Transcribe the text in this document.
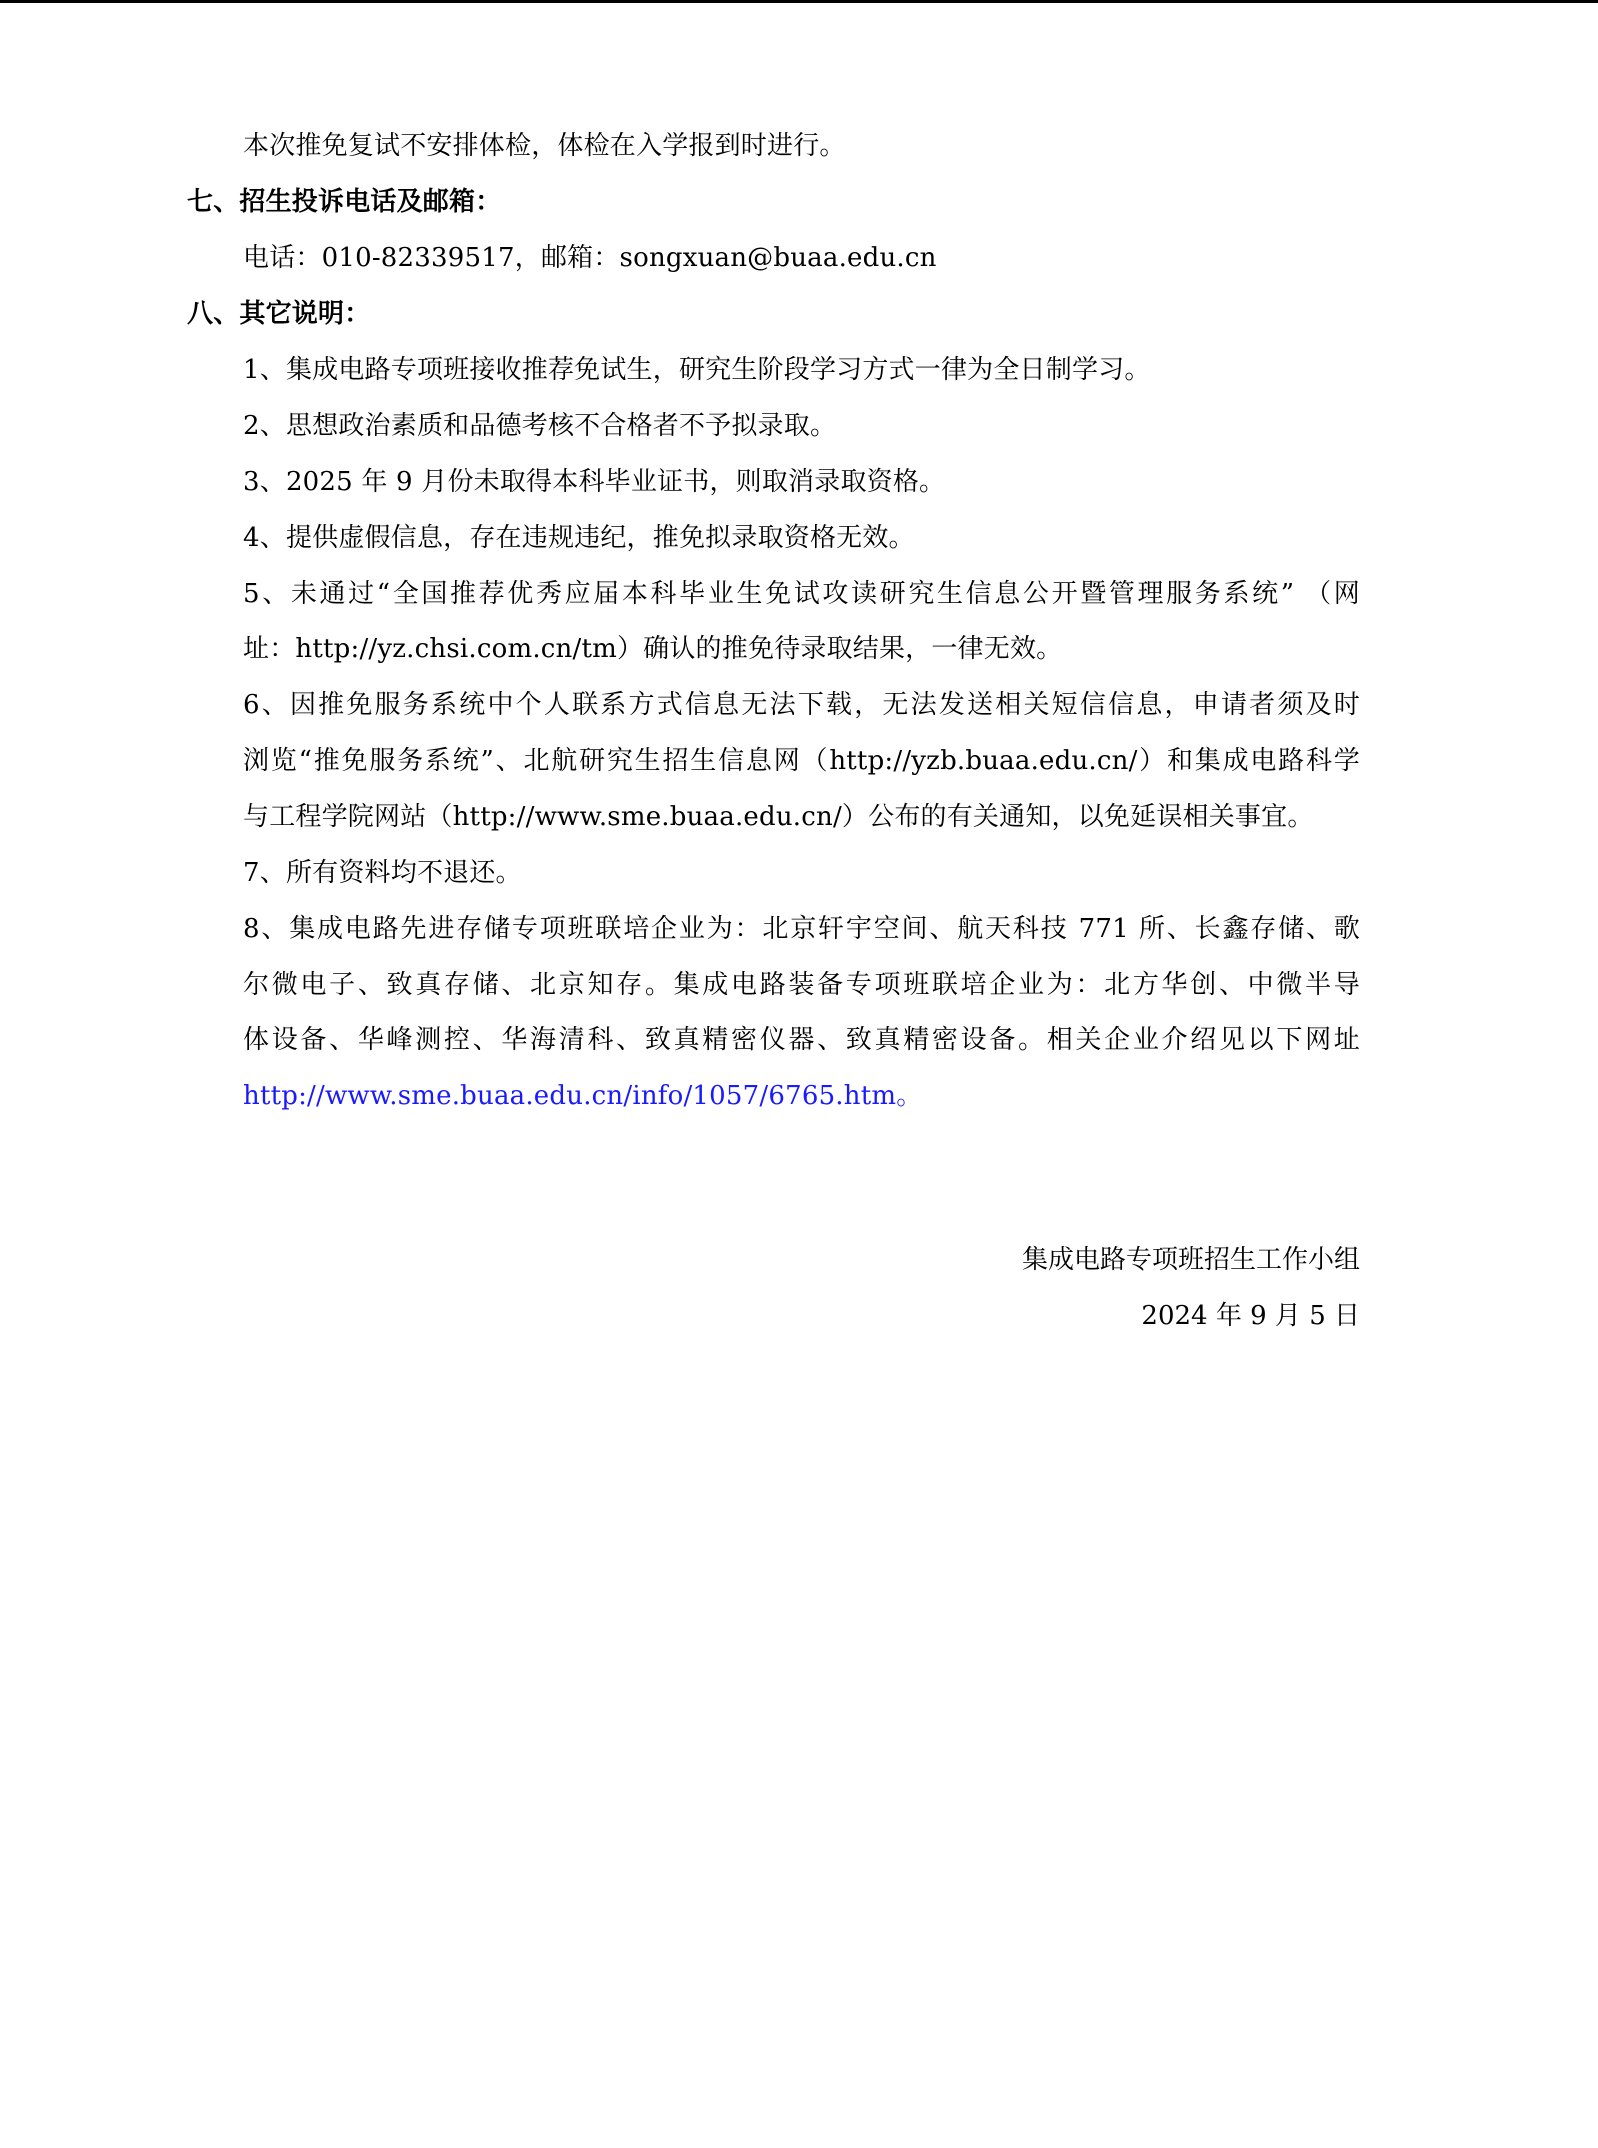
本次推免复试不安排体检，体检在入学报到时进行。
七、招生投诉电话及邮箱：
电话：010-82339517，邮箱：songxuan@buaa.edu.cn
八、其它说明：
1、集成电路专项班接收推荐免试生，研究生阶段学习方式一律为全日制学习。
2、思想政治素质和品德考核不合格者不予拟录取。
3、2025 年 9 月份未取得本科毕业证书，则取消录取资格。
4、提供虚假信息，存在违规违纪，推免拟录取资格无效。
5、未通过“全国推荐优秀应届本科毕业生免试攻读研究生信息公开暨管理服务系统” （网
址：http://yz.chsi.com.cn/tm）确认的推免待录取结果，一律无效。
6、因推免服务系统中个人联系方式信息无法下载，无法发送相关短信信息，申请者须及时
浏览“推免服务系统”、北航研究生招生信息网（http://yzb.buaa.edu.cn/）和集成电路科学
与工程学院网站（http://www.sme.buaa.edu.cn/）公布的有关通知，以免延误相关事宜。
7、所有资料均不退还。
8、集成电路先进存储专项班联培企业为：北京轩宇空间、航天科技 771 所、长鑫存储、歌
尔微电子、致真存储、北京知存。集成电路装备专项班联培企业为：北方华创、中微半导
体设备、华峰测控、华海清科、致真精密仪器、致真精密设备。相关企业介绍见以下网址
http://www.sme.buaa.edu.cn/info/1057/6765.htm。
集成电路专项班招生工作小组
2024 年 9 月 5 日
